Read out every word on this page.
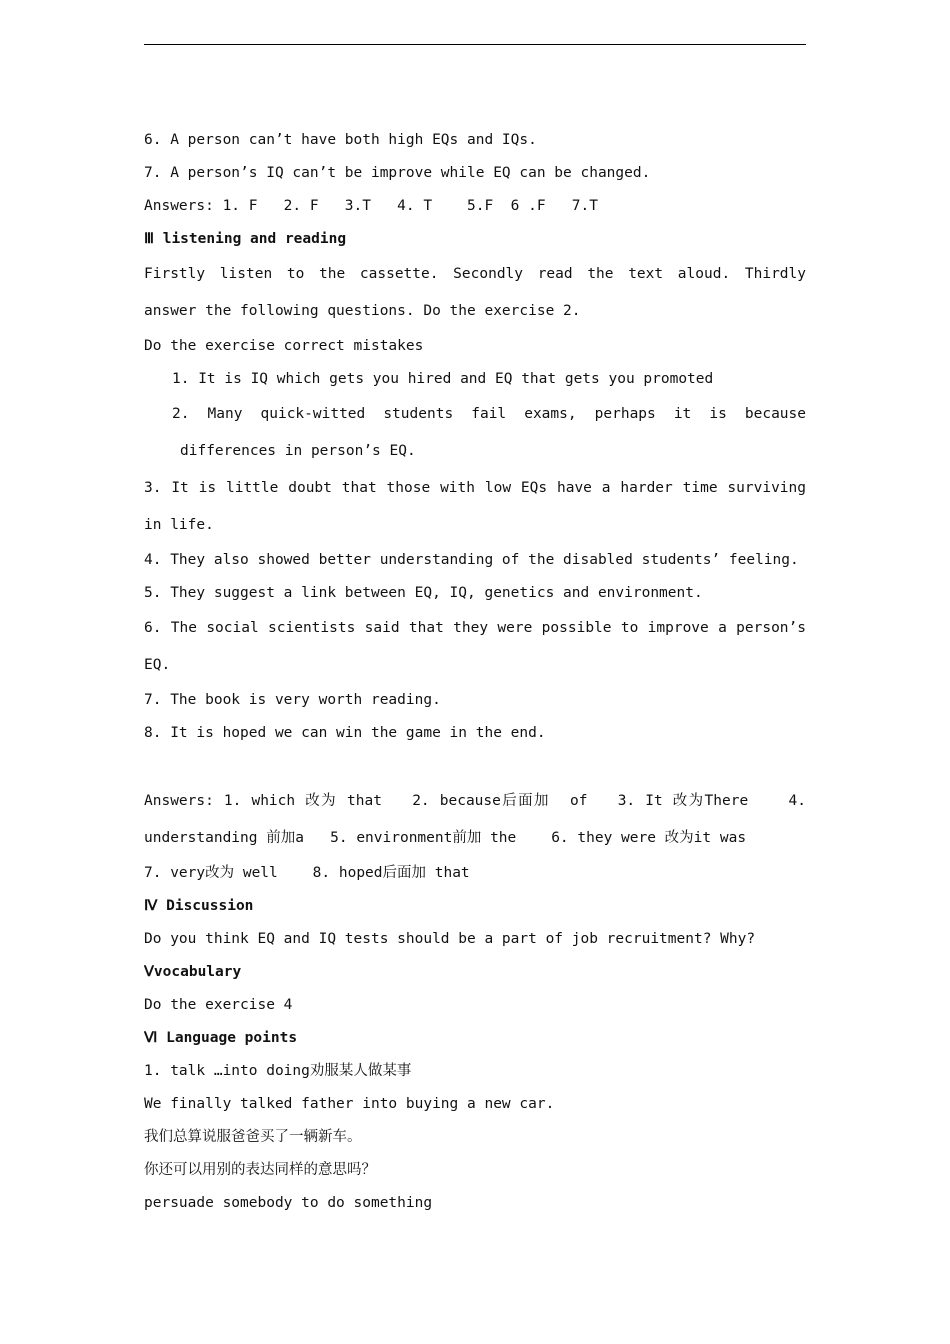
6. A person can’t have both high EQs and IQs.
7. A person’s IQ can’t be improve while EQ can be changed.
Answers: 1. F   2. F   3.T   4. T    5.F  6 .F   7.T
Ⅲ listening and reading
Firstly listen to the cassette. Secondly read the text aloud. Thirdly answer the following questions. Do the exercise 2.
Do the exercise correct mistakes
1. It is IQ which gets you hired and EQ that gets you promoted
2. Many quick-witted students fail exams, perhaps it is because differences in person’s EQ.
3. It is little doubt that those with low EQs have a harder time surviving in life.
4. They also showed better understanding of the disabled students’ feeling.
5. They suggest a link between EQ, IQ, genetics and environment.
6. The social scientists said that they were possible to improve a person’s EQ.
7. The book is very worth reading.
8. It is hoped we can win the game in the end.
Answers: 1. which 改为 that   2. because后面加  of   3. It 改为There    4. understanding 前加a   5. environment前加 the    6. they were 改为it was
7. very改为 well    8. hoped后面加 that
Ⅳ Discussion
Do you think EQ and IQ tests should be a part of job recruitment? Why?
Ⅴvocabulary
Do the exercise 4
Ⅵ Language points
1. talk …into doing劝服某人做某事
We finally talked father into buying a new car.
我们总算说服爸爸买了一辆新车。
你还可以用别的表达同样的意思吗？
persuade somebody to do something
